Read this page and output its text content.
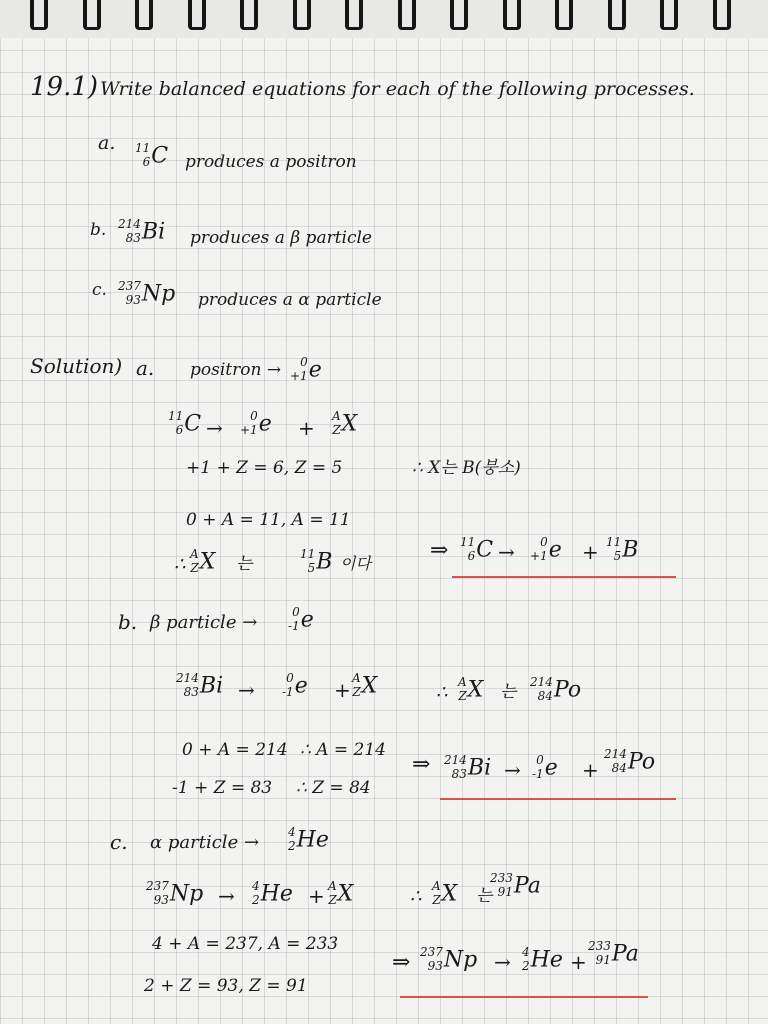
19.1) Write balanced equations for each of the following processes.
a. 11
6 C produces a positron
b. 214
83 Bi produces a β particle
c. 237
93 Np produces a α particle
Solution) a. positron → 0
+1 e
11
6 C → 0
+1 e + A
Z X
+1 + Z = 6, Z = 5	∴ X는 B(붕소)
0 + A = 11, A = 11
∴ A
Z X 는	11
5 B 이다
⇒ 11
6 C → 0
+1 e + 11
5 B
b. β particle →	0
-1 e
214
83 Bi →	0
-1 e + A
Z X	∴ A
Z X 는 214
84 Po
0 + A = 214 ∴ A = 214
-1 + Z = 83 ∴ Z = 84
⇒ 214
83 Bi → 0
-1 e +
214
84 Po
c. α particle → 4
2 He
237
93 Np → 4
2 He + A
Z X	∴ A
Z X 는
233
91 Pa
4 + A = 237, A = 233
2 + Z = 93, Z = 91
⇒ 237
93 Np → 4
2 He +
233
91 Pa
